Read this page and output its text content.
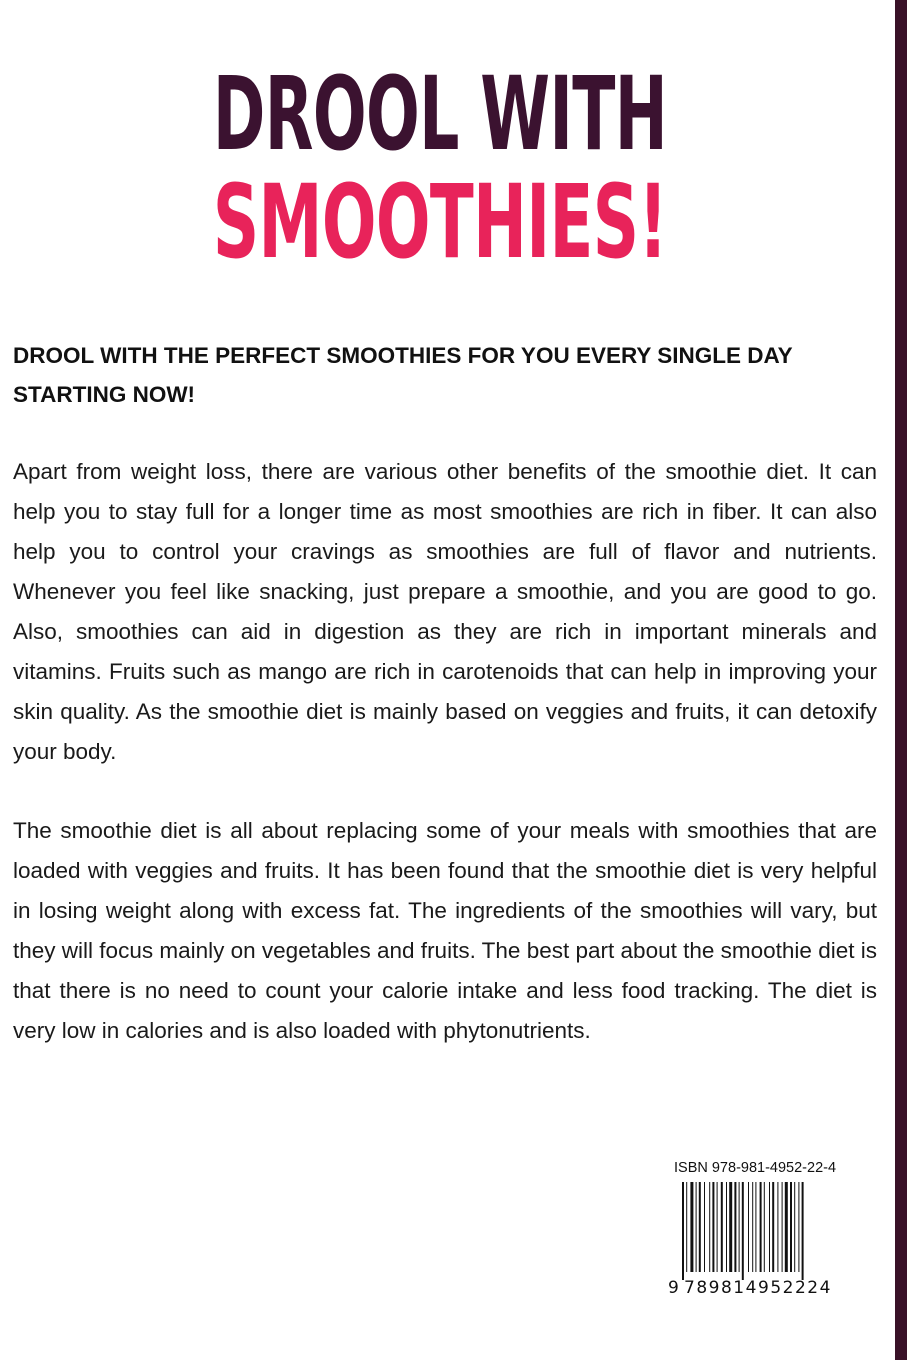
DROOL WITH
SMOOTHIES!

DROOL WITH THE PERFECT SMOOTHIES FOR YOU EVERY SINGLE DAY STARTING NOW!

Apart from weight loss, there are various other benefits of the smoothie diet. It can help you to stay full for a longer time as most smoothies are rich in fiber. It can also help you to control your cravings as smoothies are full of flavor and nutrients. Whenever you feel like snacking, just prepare a smoothie, and you are good to go. Also, smoothies can aid in digestion as they are rich in important minerals and vitamins. Fruits such as mango are rich in carotenoids that can help in improving your skin quality. As the smoothie diet is mainly based on veggies and fruits, it can detoxify your body.

The smoothie diet is all about replacing some of your meals with smoothies that are loaded with veggies and fruits. It has been found that the smoothie diet is very helpful in losing weight along with excess fat. The ingredients of the smoothies will vary, but they will focus mainly on vegetables and fruits. The best part about the smoothie diet is that there is no need to count your calorie intake and less food tracking. The diet is very low in calories and is also loaded with phytonutrients.

ISBN 978-981-4952-22-4
9 789814 952224
